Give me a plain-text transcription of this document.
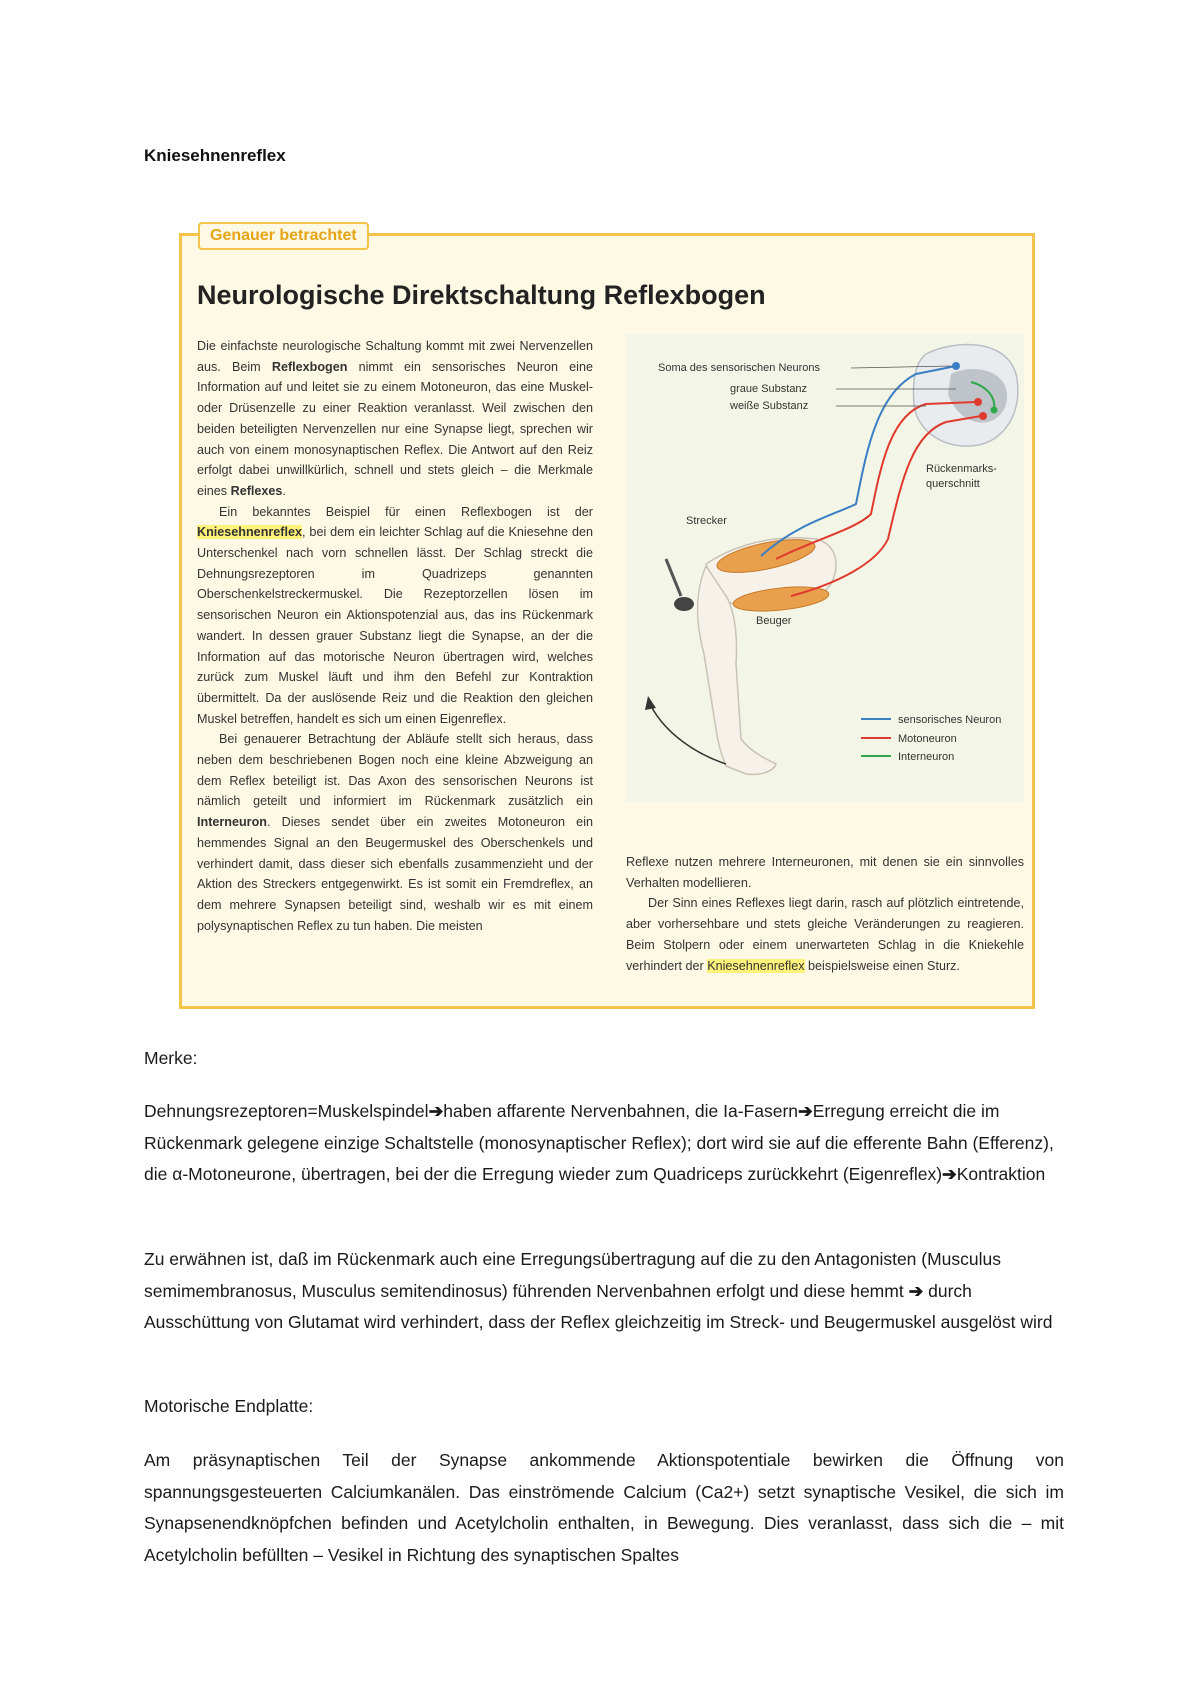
Kniesehnenreflex
Genauer betrachtet
Neurologische Direktschaltung Reflexbogen

Die einfachste neurologische Schaltung kommt mit zwei Nervenzellen aus. Beim Reflexbogen nimmt ein sensorisches Neuron eine Information auf und leitet sie zu einem Motoneuron, das eine Muskel- oder Drüsenzelle zu einer Reaktion veranlasst. Weil zwischen den beiden beteiligten Nervenzellen nur eine Synapse liegt, sprechen wir auch von einem monosynaptischen Reflex. Die Antwort auf den Reiz erfolgt dabei unwillkürlich, schnell und stets gleich – die Merkmale eines Reflexes.

Ein bekanntes Beispiel für einen Reflexbogen ist der Kniesehnenreflex, bei dem ein leichter Schlag auf die Kniesehne den Unterschenkel nach vorn schnellen lässt. Der Schlag streckt die Dehnungsrezeptoren im Quadrizeps genannten Oberschenkelstreckermuskel. Die Rezeptorzellen lösen im sensorischen Neuron ein Aktionspotenzial aus, das ins Rückenmark wandert. In dessen grauer Substanz liegt die Synapse, an der die Information auf das motorische Neuron übertragen wird, welches zurück zum Muskel läuft und ihm den Befehl zur Kontraktion übermittelt. Da der auslösende Reiz und die Reaktion den gleichen Muskel betreffen, handelt es sich um einen Eigenreflex.

Bei genauerer Betrachtung der Abläufe stellt sich heraus, dass neben dem beschriebenen Bogen noch eine kleine Abzweigung an dem Reflex beteiligt ist. Das Axon des sensorischen Neurons ist nämlich geteilt und informiert im Rückenmark zusätzlich ein Interneuron. Dieses sendet über ein zweites Motoneuron ein hemmendes Signal an den Beugermuskel des Oberschenkels und verhindert damit, dass dieser sich ebenfalls zusammenzieht und der Aktion des Streckers entgegenwirkt. Es ist somit ein Fremdreflex, an dem mehrere Synapsen beteiligt sind, weshalb wir es mit einem polysynaptischen Reflex zu tun haben. Die meisten

Soma des sensorischen Neurons
graue Substanz
weiße Substanz
Rückenmarks-
querschnitt
Strecker
Beuger
sensorisches Neuron
Motoneuron
Interneuron

Reflexe nutzen mehrere Interneuronen, mit denen sie ein sinnvolles Verhalten modellieren.

Der Sinn eines Reflexes liegt darin, rasch auf plötzlich eintretende, aber vorhersehbare und stets gleiche Veränderungen zu reagieren. Beim Stolpern oder einem unerwarteten Schlag in die Kniekehle verhindert der Kniesehnenreflex beispielsweise einen Sturz.

Merke:

Dehnungsrezeptoren=Muskelspindel➔haben affarente Nervenbahnen, die Ia-Fasern➔Erregung erreicht die im Rückenmark gelegene einzige Schaltstelle (monosynaptischer Reflex); dort wird sie auf die efferente Bahn (Efferenz), die α-Motoneurone, übertragen, bei der die Erregung wieder zum Quadriceps zurückkehrt (Eigenreflex)➔Kontraktion

Zu erwähnen ist, daß im Rückenmark auch eine Erregungsübertragung auf die zu den Antagonisten (Musculus semimembranosus, Musculus semitendinosus) führenden Nervenbahnen erfolgt und diese hemmt ➔ durch Ausschüttung von Glutamat wird verhindert, dass der Reflex gleichzeitig im Streck- und Beugermuskel ausgelöst wird

Motorische Endplatte:

Am präsynaptischen Teil der Synapse ankommende Aktionspotentiale bewirken die Öffnung von spannungsgesteuerten Calciumkanälen. Das einströmende Calcium (Ca2+) setzt synaptische Vesikel, die sich im Synapsenendknöpfchen befinden und Acetylcholin enthalten, in Bewegung. Dies veranlasst, dass sich die – mit Acetylcholin befüllten – Vesikel in Richtung des synaptischen Spaltes
